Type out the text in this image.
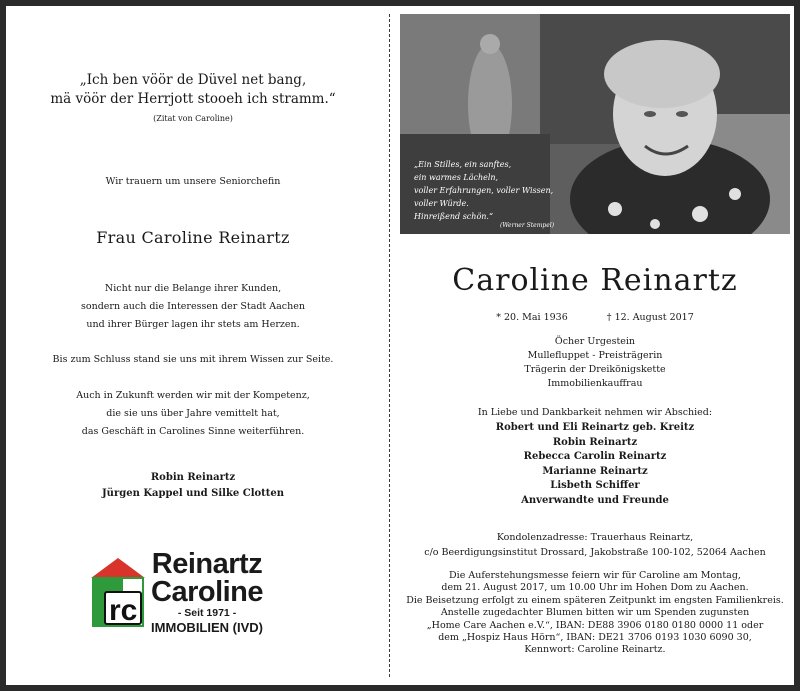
„Ich ben vöör de Düvel net bang,
mä vöör der Herrjott stooeh ich stramm.“
(Zitat von Caroline)
Wir trauern um unsere Seniorchefin
Frau Caroline Reinartz
Nicht nur die Belange ihrer Kunden,
sondern auch die Interessen der Stadt Aachen
und ihrer Bürger lagen ihr stets am Herzen.
Bis zum Schluss stand sie uns mit ihrem Wissen zur Seite.
Auch in Zukunft werden wir mit der Kompetenz,
die sie uns über Jahre vemittelt hat,
das Geschäft in Carolines Sinne weiterführen.
Robin Reinartz
Jürgen Kappel und Silke Clotten
rc
Reinartz
Caroline
- Seit 1971 -
IMMOBILIEN (IVD)
„Ein Stilles, ein sanftes,
ein warmes Lächeln,
voller Erfahrungen, voller Wissen,
voller Würde.
Hinreißend schön.“
(Werner Stempel)
Caroline Reinartz
* 20. Mai 1936	† 12. August 2017
Öcher Urgestein
Mullefluppet - Preisträgerin
Trägerin der Dreikönigskette
Immobilienkauffrau
In Liebe und Dankbarkeit nehmen wir Abschied:
Robert und Eli Reinartz geb. Kreitz
Robin Reinartz
Rebecca Carolin Reinartz
Marianne Reinartz
Lisbeth Schiffer
Anverwandte und Freunde
Kondolenzadresse: Trauerhaus Reinartz,
c/o Beerdigungsinstitut Drossard, Jakobstraße 100-102, 52064 Aachen
Die Auferstehungsmesse feiern wir für Caroline am Montag,
dem 21. August 2017, um 10.00 Uhr im Hohen Dom zu Aachen.
Die Beisetzung erfolgt zu einem späteren Zeitpunkt im engsten Familienkreis.
Anstelle zugedachter Blumen bitten wir um Spenden zugunsten
„Home Care Aachen e.V.“, IBAN: DE88 3906 0180 0180 0000 11 oder
dem „Hospiz Haus Hörn“, IBAN: DE21 3706 0193 1030 6090 30,
Kennwort: Caroline Reinartz.
